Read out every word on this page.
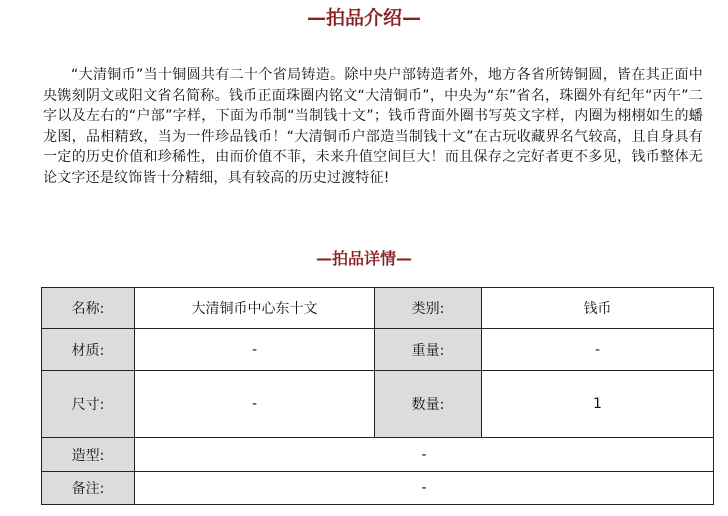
—拍品介绍—

“大清铜币”当十铜圆共有二十个省局铸造。除中央户部铸造者外，地方各省所铸铜圆，皆在其正面中央镌刻阴文或阳文省名简称。钱币正面珠圈内铭文“大清铜币”，中央为“东”省名，珠圈外有纪年“丙午”二字以及左右的“户部”字样，下面为币制“当制钱十文”；钱币背面外圈书写英文字样，内圈为栩栩如生的蟠龙图，品相精致，当为一件珍品钱币！“大清铜币户部造当制钱十文”在古玩收藏界名气较高，且自身具有一定的历史价值和珍稀性，由而价值不菲，未来升值空间巨大！而且保存之完好者更不多见，钱币整体无论文字还是纹饰皆十分精细，具有较高的历史过渡特征!

—拍品详情—
名称:	大清铜币中心东十文	类别:	钱币
材质:	-	重量:	-
尺寸:	-	数量:	1
造型:	-		
备注:	-		
